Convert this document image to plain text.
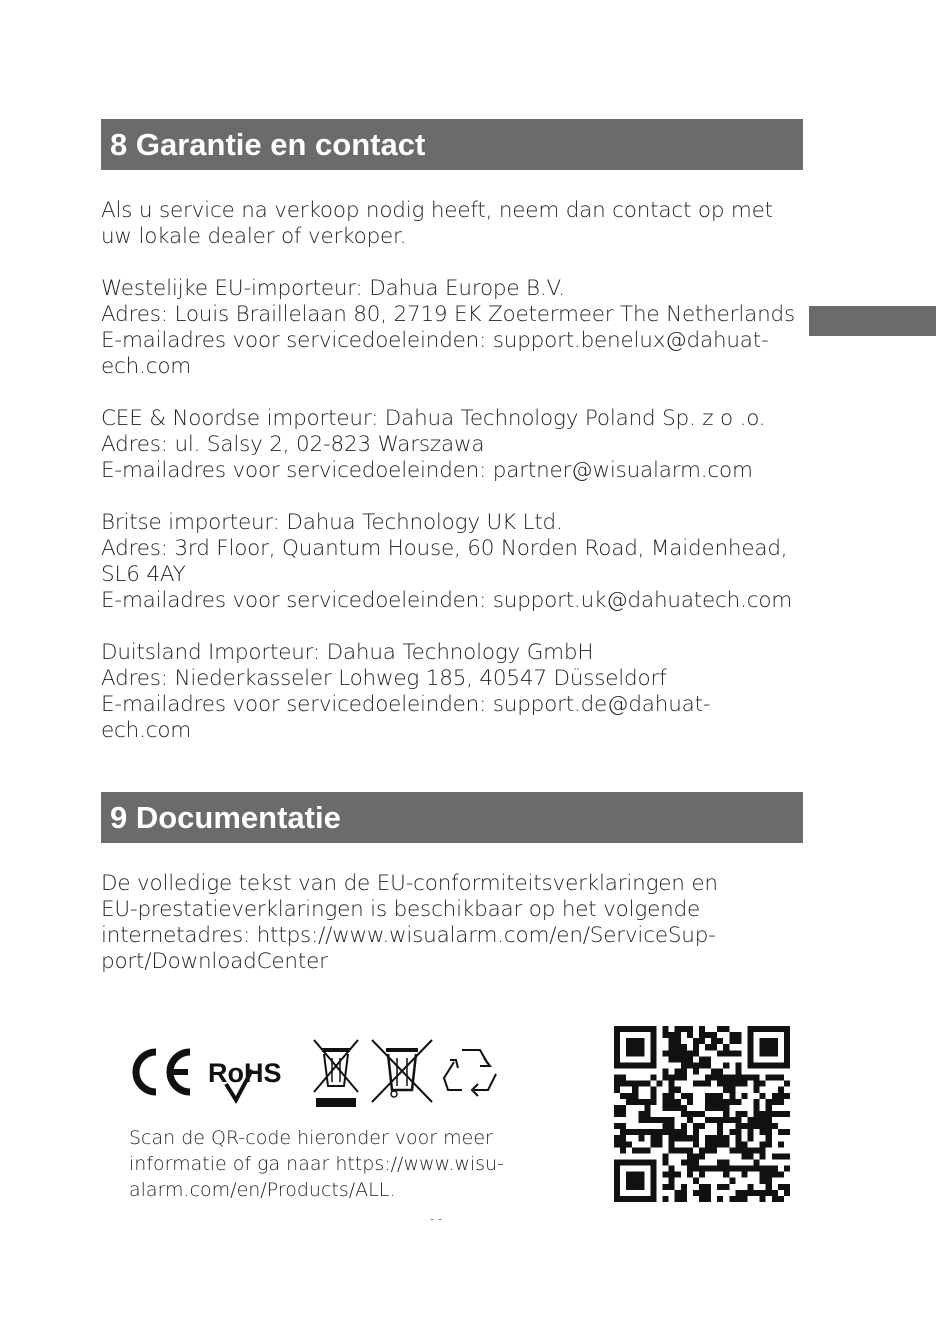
8 Garantie en contact
Als u service na verkoop nodig heeft, neem dan contact op met
uw lokale dealer of verkoper.
Westelijke EU-importeur: Dahua Europe B.V.
Adres: Louis Braillelaan 80, 2719 EK Zoetermeer The Netherlands
E-mailadres voor servicedoeleinden: support.benelux@dahuat-
ech.com
CEE & Noordse importeur: Dahua Technology Poland Sp. z o .o.
Adres: ul. Salsy 2, 02-823 Warszawa
E-mailadres voor servicedoeleinden: partner@wisualarm.com
Britse importeur: Dahua Technology UK Ltd.
Adres: 3rd Floor, Quantum House, 60 Norden Road, Maidenhead,
SL6 4AY
E-mailadres voor servicedoeleinden: support.uk@dahuatech.com
Duitsland Importeur: Dahua Technology GmbH
Adres: Niederkasseler Lohweg 185, 40547 Düsseldorf
E-mailadres voor servicedoeleinden: support.de@dahuat-
ech.com
9 Documentatie
De volledige tekst van de EU-conformiteitsverklaringen en
EU-prestatieverklaringen is beschikbaar op het volgende
internetadres: https://www.wisualarm.com/en/ServiceSup-
port/DownloadCenter
CE
RoHS
Scan de QR-code hieronder voor meer
informatie of ga naar https://www.wisu-
alarm.com/en/Products/ALL.
- -
